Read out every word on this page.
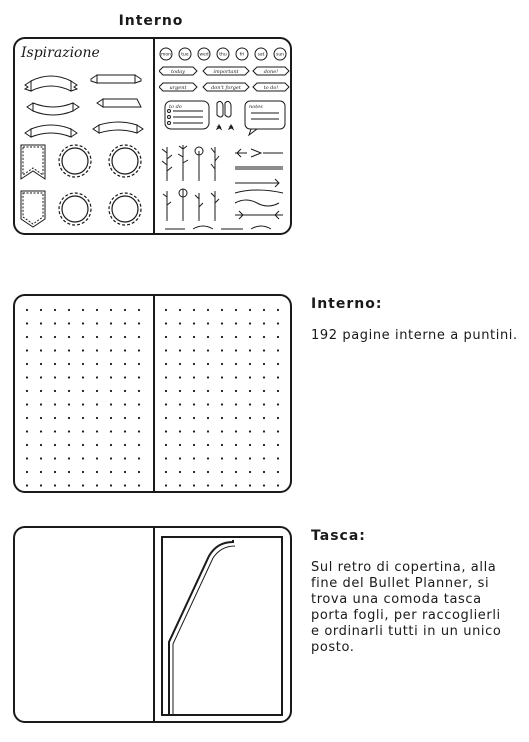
Interno
Ispirazione	mon tue wed thu	fri	sat	sun
today	important	done!
urgent	don't forget	to do!
to do	notes
Interno:
192 pagine interne a puntini.
Tasca:
Sul retro di copertina, alla
fine del Bullet Planner, si
trova una comoda tasca
porta fogli, per raccoglierli
e ordinarli tutti in un unico
posto.
